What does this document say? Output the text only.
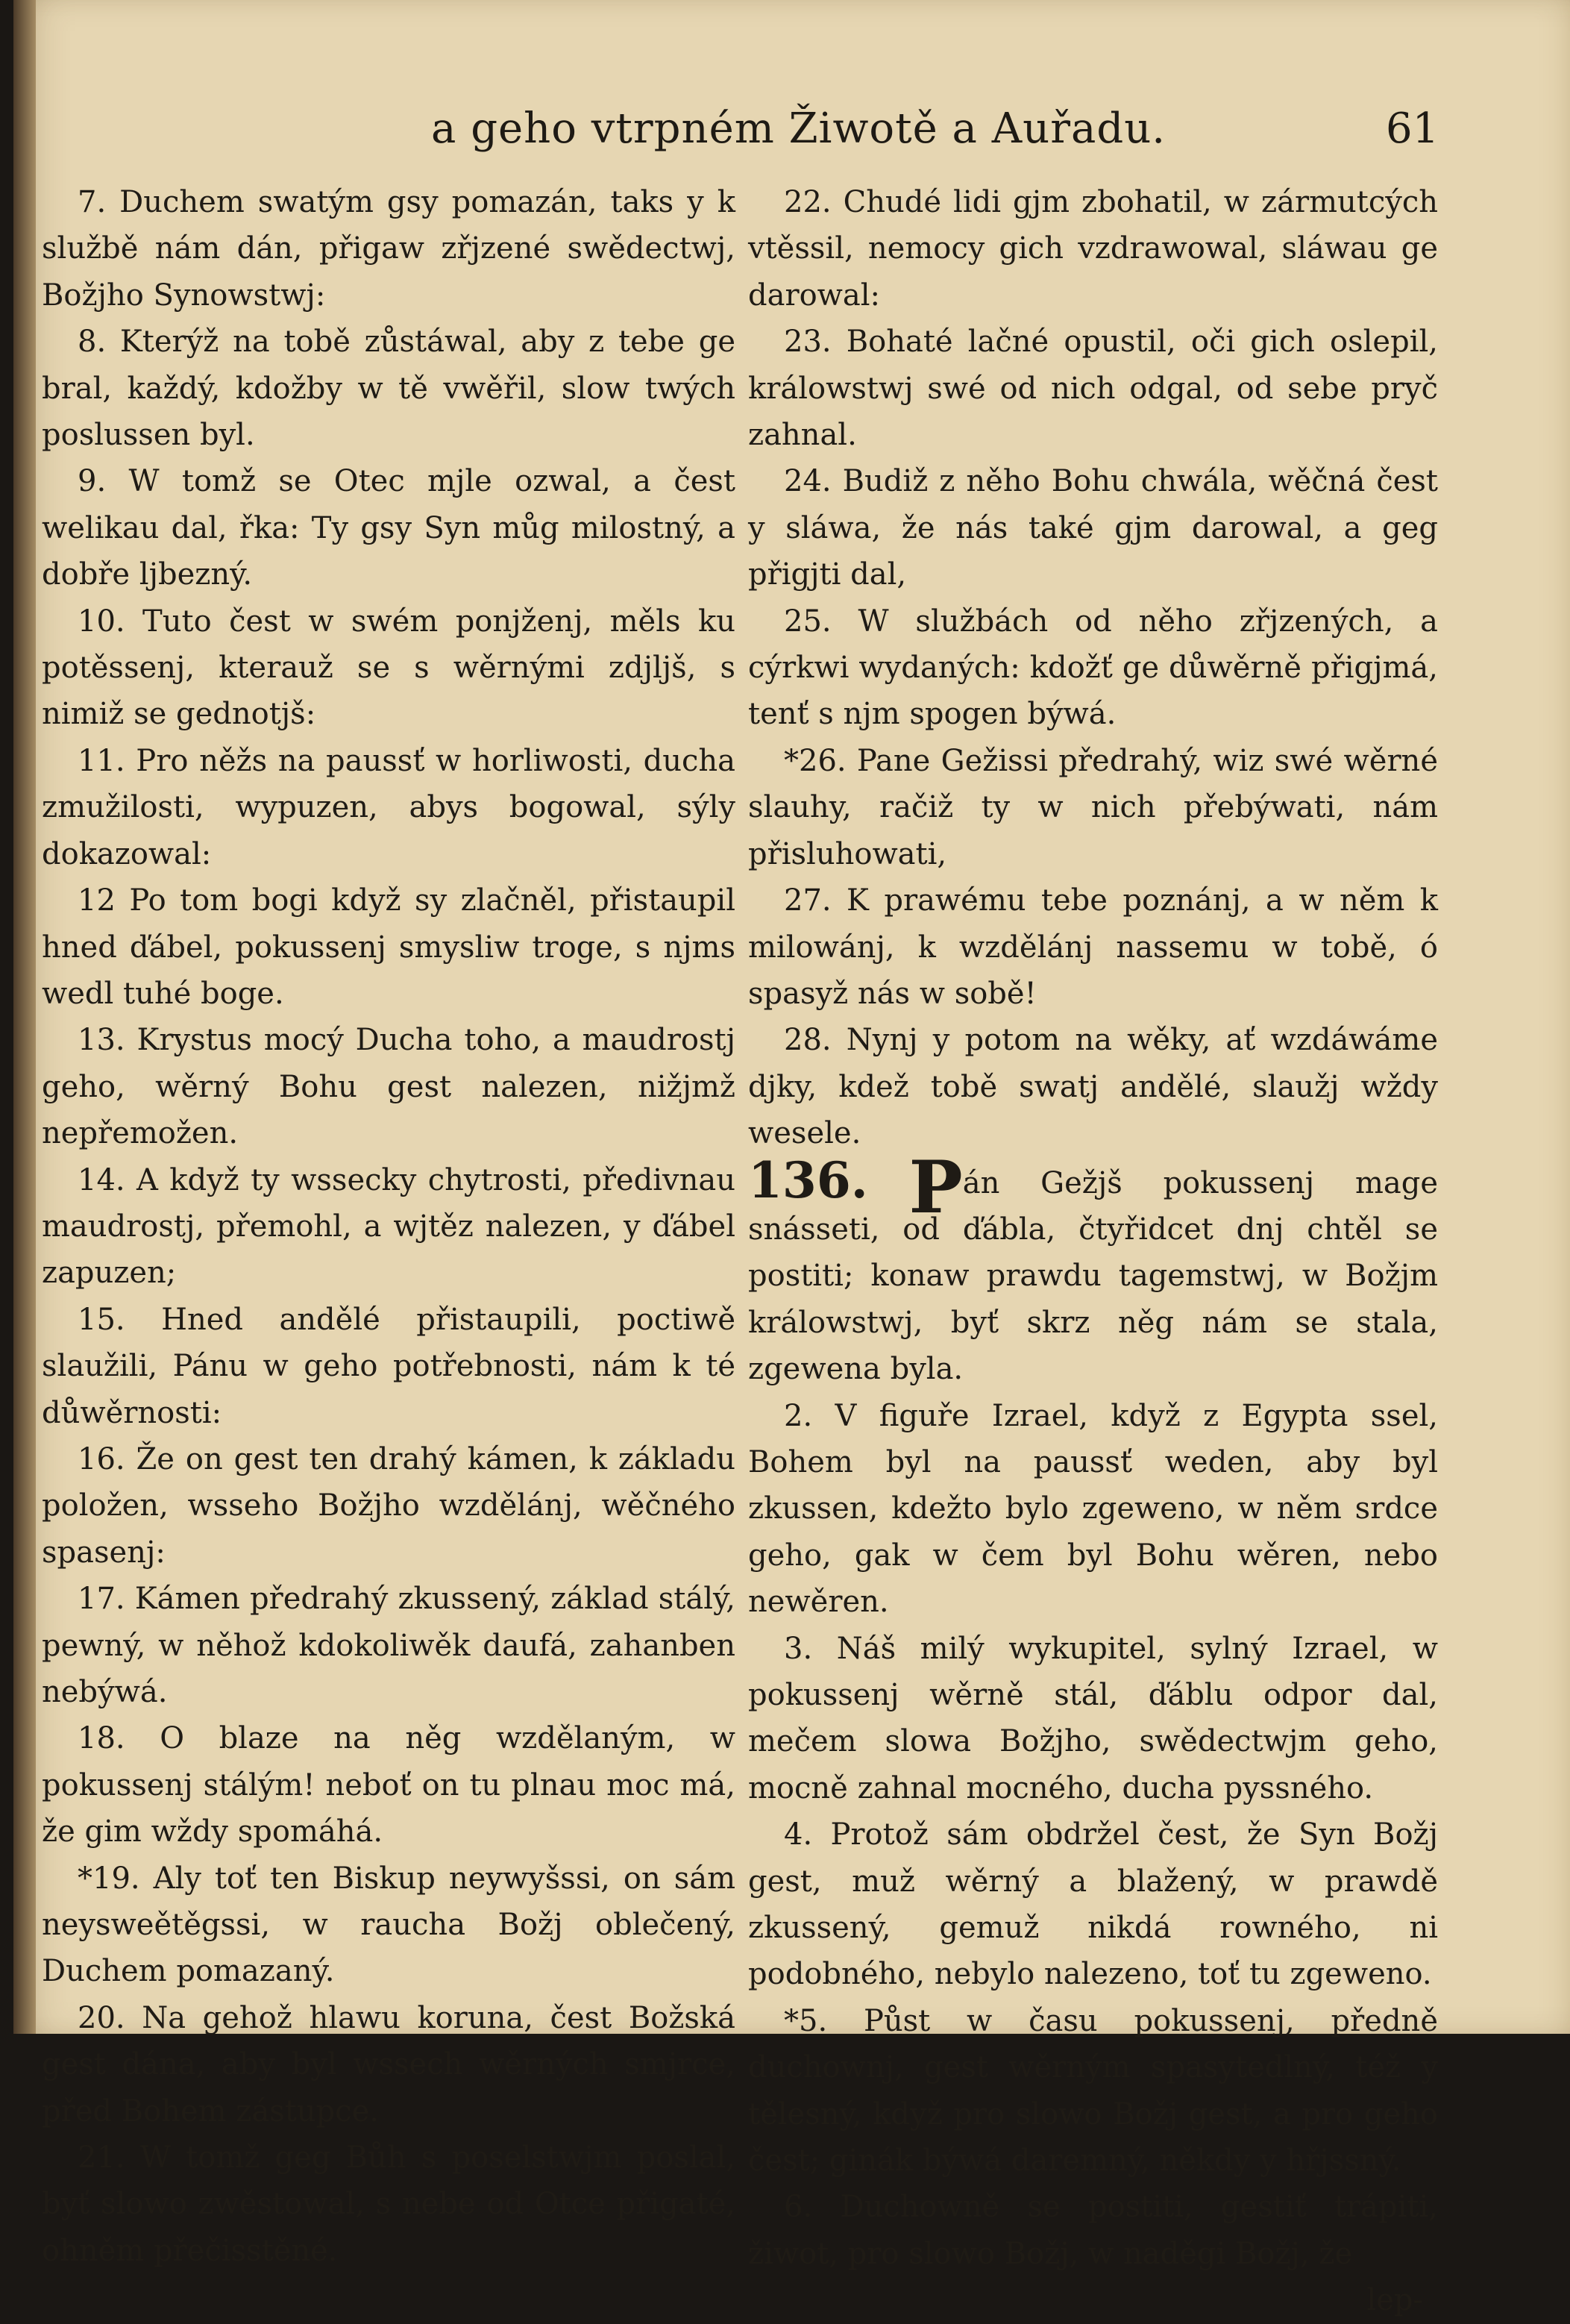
a geho vtrpném Žiwotě a Auřadu.	61

7. Duchem swatým gsy pomazán, taks y k službě nám dán, přigaw zřjzené swědectwj, Božjho Synowstwj:

8. Kterýž na tobě zůstáwal, aby z tebe ge bral, každý, kdožby w tě vwěřil, slow twých poslussen byl.

9. W tomž se Otec mjle ozwal, a čest welikau dal, řka: Ty gsy Syn můg milostný, a dobře ljbezný.

10. Tuto čest w swém ponjženj, měls ku potěssenj, kterauž se s wěrnými zdjljš, s nimiž se gednotjš:

11. Pro něžs na paussť w horliwosti, ducha zmužilosti, wypuzen, abys bogowal, sýly dokazowal:

12 Po tom bogi když sy zlačněl, přistaupil hned ďábel, pokussenj smysliw troge, s njms wedl tuhé boge.

13. Krystus mocý Ducha toho, a maudrostj geho, wěrný Bohu gest nalezen, nižjmž nepřemožen.

14. A když ty wssecky chytrosti, předivnau maudrostj, přemohl, a wjtěz nalezen, y ďábel zapuzen;

15. Hned andělé přistaupili, poctiwě slaužili, Pánu w geho potřebnosti, nám k té důwěrnosti:

16. Že on gest ten drahý kámen, k základu položen, wsseho Božjho wzdělánj, wěčného spasenj:

17. Kámen předrahý zkussený, základ stálý, pewný, w něhož kdokoliwěk daufá, zahanben nebýwá.

18. O blaze na něg wzdělaným, w pokussenj stálým! neboť on tu plnau moc má, že gim wždy spomáhá.

*19. Aly toť ten Biskup neywyšssi, on sám neysweětěgssi, w raucha Božj oblečený, Duchem pomazaný.

20. Na gehož hlawu koruna, čest Božská gest dána, aby byl wssech wěrných smjrce, před Bohem zástupce.

21. W tomž geg Bůh s poselstwjm poslal, byť slowo zwěstowal, s nebe od Otce přigaté, ohněm přečisstěné.

22. Chudé lidi gjm zbohatil, w zármutcých vtěssil, nemocy gich vzdrawowal, sláwau ge darowal:

23. Bohaté lačné opustil, oči gich oslepil, králowstwj swé od nich odgal, od sebe pryč zahnal.

24. Budiž z něho Bohu chwála, wěčná čest y sláwa, že nás také gjm darowal, a geg přigjti dal,

25. W službách od něho zřjzených, a cýrkwi wydaných: kdožť ge důwěrně přigjmá, tenť s njm spogen býwá.

*26. Pane Gežissi předrahý, wiz swé wěrné slauhy, račiž ty w nich přebýwati, nám přisluhowati,

27. K prawému tebe poznánj, a w něm k milowánj, k wzdělánj nassemu w tobě, ó spasyž nás w sobě!

28. Nynj y potom na wěky, ať wzdáwáme djky, kdež tobě swatj andělé, slaužj wždy wesele.

136. Pán Gežjš pokussenj mage snásseti, od ďábla, čtyřidcet dnj chtěl se postiti; konaw prawdu tagemstwj, w Božjm králowstwj, byť skrz něg nám se stala, zgewena byla.

2. V figuře Izrael, když z Egypta ssel, Bohem byl na paussť weden, aby byl zkussen, kdežto bylo zgeweno, w něm srdce geho, gak w čem byl Bohu wěren, nebo newěren.

3. Náš milý wykupitel, sylný Izrael, w pokussenj wěrně stál, ďáblu odpor dal, mečem slowa Božjho, swědectwjm geho, mocně zahnal mocného, ducha pyssného.

4. Protož sám obdržel čest, že Syn Božj gest, muž wěrný a blažený, w prawdě zkussený, gemuž nikdá rowného, ni podobného, nebylo nalezeno, toť tu zgeweno.

*5. Půst w času pokussenj, předně duchownj, gest wěrným spasytedlný, též y tělesný, když pro slowo Božj gest, a pro geho čest; ginák býwá daremný, někdy y hřjssný.

6. Duchowně se postiti, gestiť trápiti, žiwot, pro slowo Božj, w naděgi Božj, že

lep-
